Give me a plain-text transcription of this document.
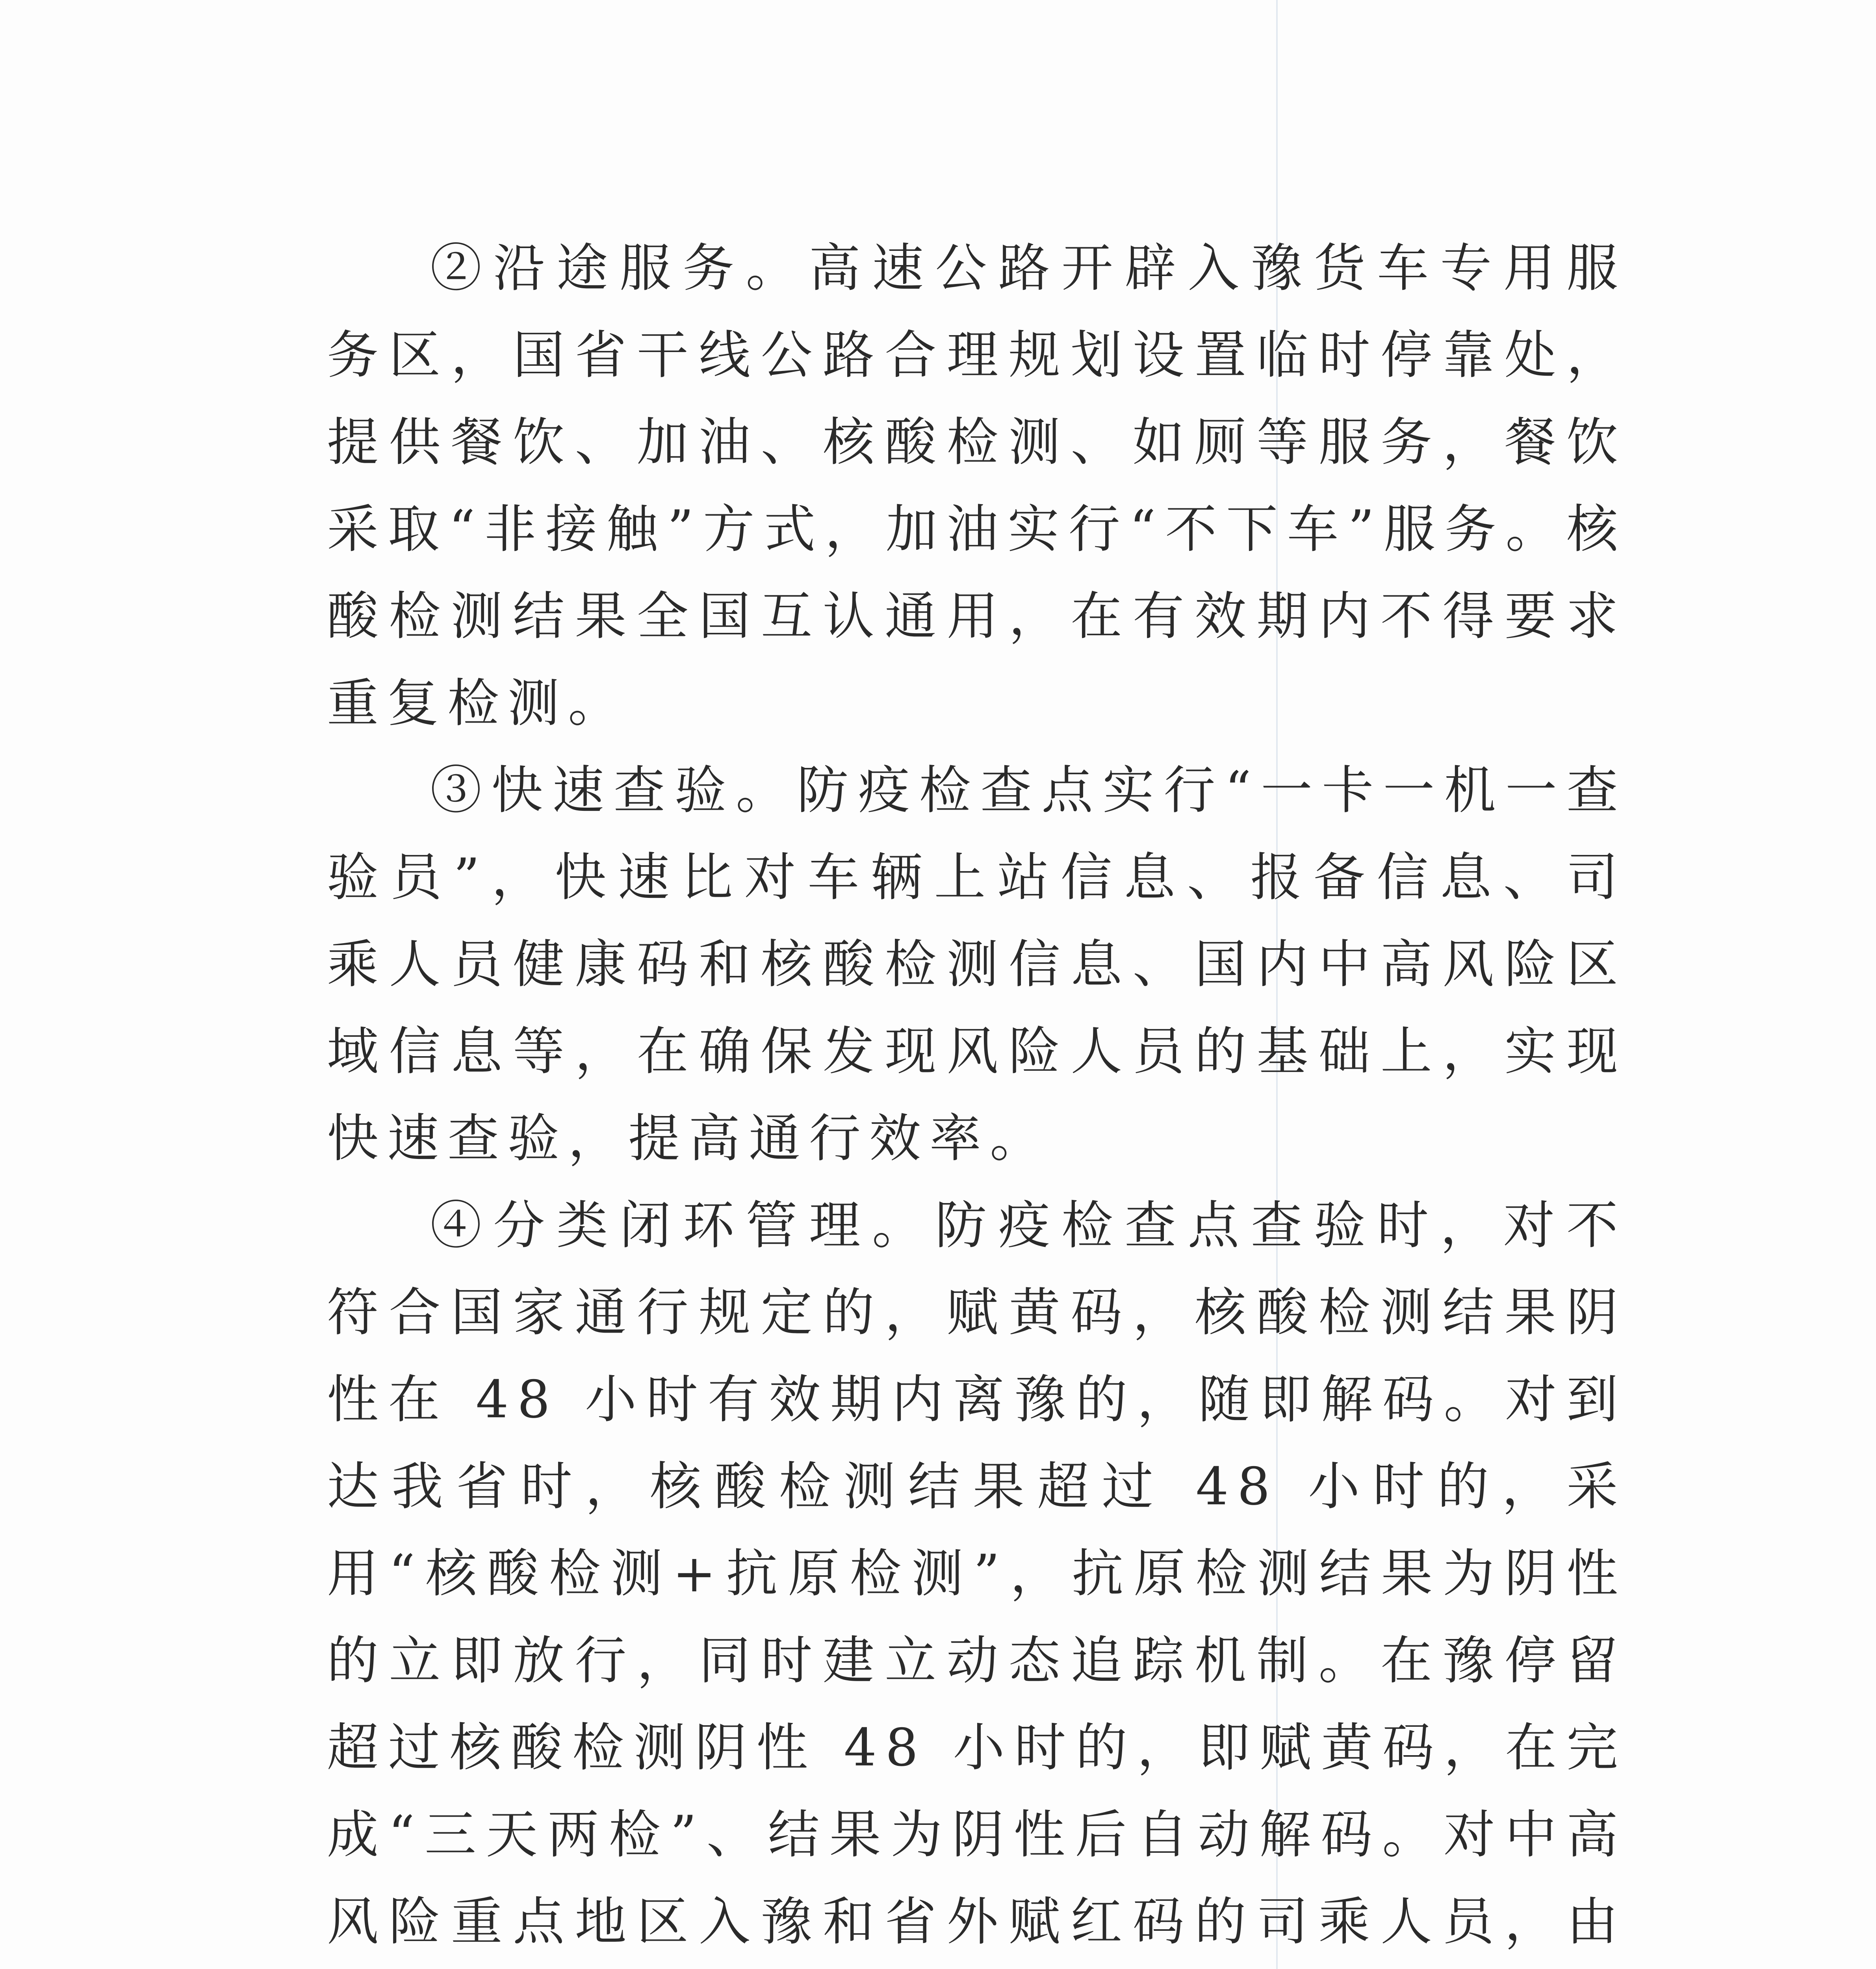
②沿途服务。高速公路开辟入豫货车专用服务区，国省干线公路合理规划设置临时停靠处，提供餐饮、加油、核酸检测、如厕等服务，餐饮采取“非接触”方式，加油实行“不下车”服务。核酸检测结果全国互认通用，在有效期内不得要求重复检测。

③快速查验。防疫检查点实行“一卡一机一查验员”，快速比对车辆上站信息、报备信息、司乘人员健康码和核酸检测信息、国内中高风险区域信息等，在确保发现风险人员的基础上，实现快速查验，提高通行效率。

④分类闭环管理。防疫检查点查验时，对不符合国家通行规定的，赋黄码，核酸检测结果阴性在 48 小时有效期内离豫的，随即解码。对到达我省时，核酸检测结果超过 48 小时的，采用“核酸检测+抗原检测”，抗原检测结果为阴性的立即放行，同时建立动态追踪机制。在豫停留超过核酸检测阴性 48 小时的，即赋黄码，在完成“三天两检”、结果为阴性后自动解码。对中高风险重点地区入豫和省外赋红码的司乘人员，由
